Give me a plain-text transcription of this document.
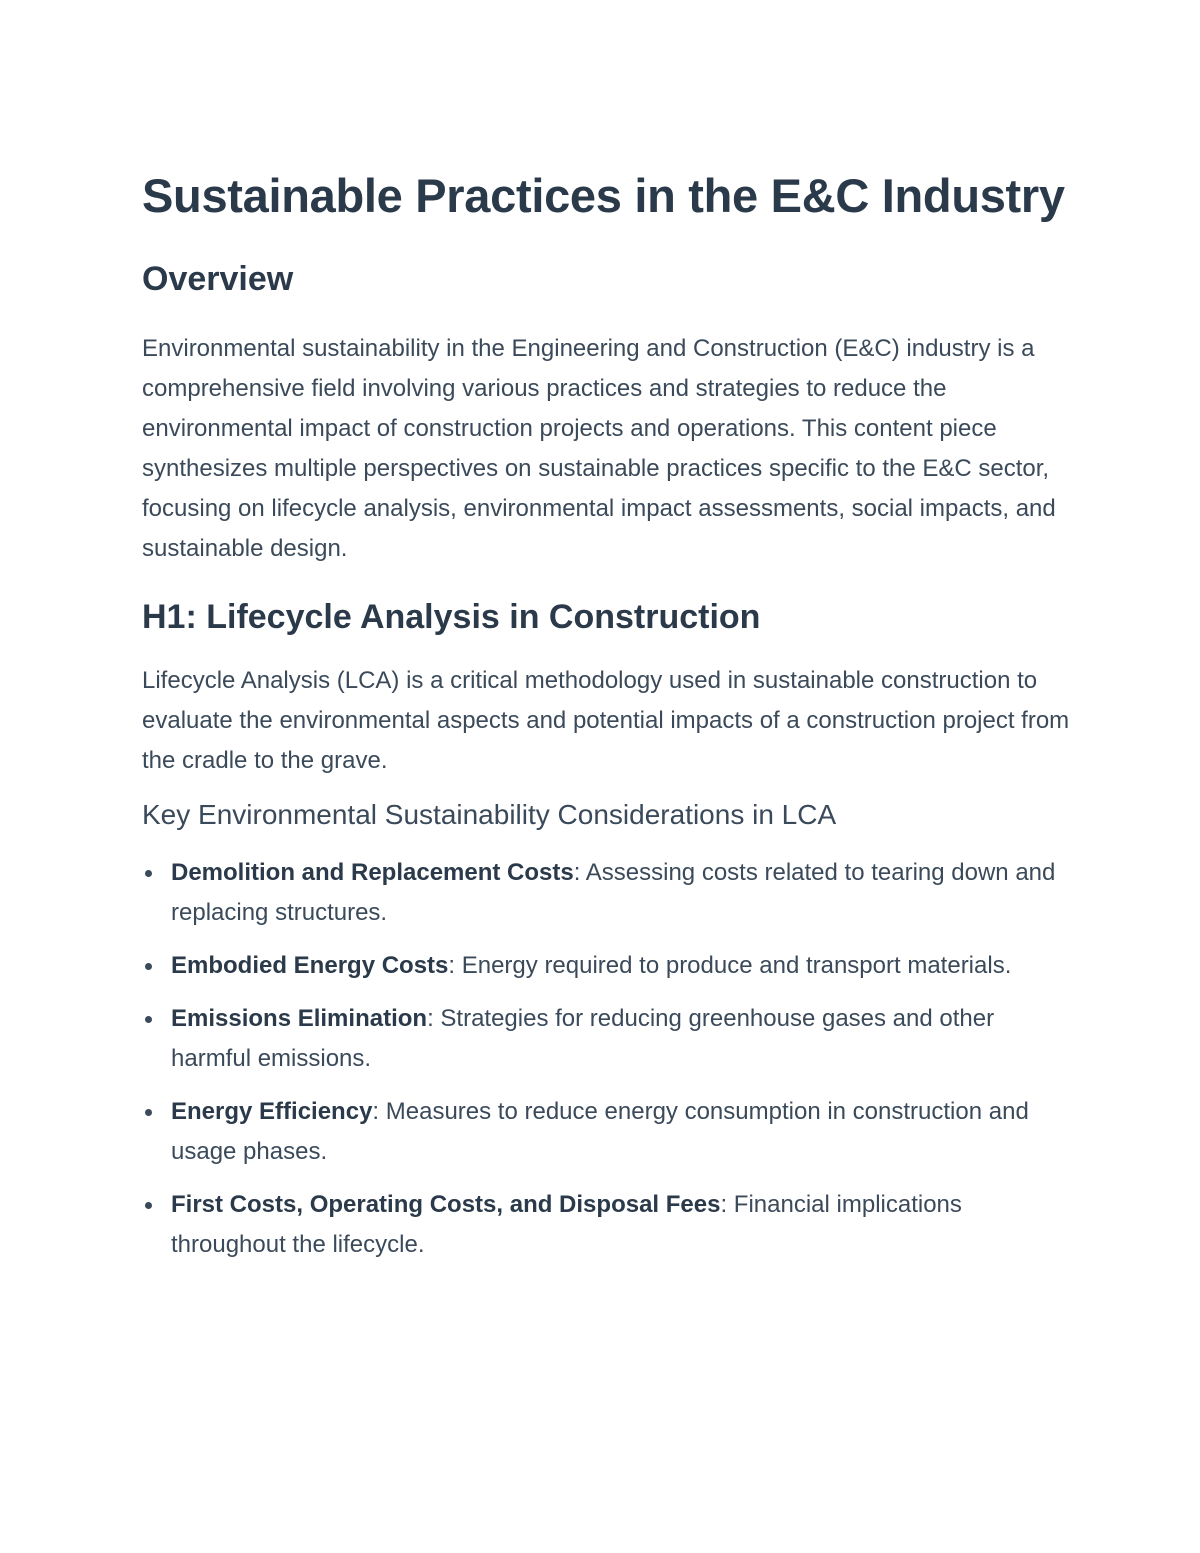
Sustainable Practices in the E&C Industry
Overview

Environmental sustainability in the Engineering and Construction (E&C) industry is a comprehensive field involving various practices and strategies to reduce the environmental impact of construction projects and operations. This content piece synthesizes multiple perspectives on sustainable practices specific to the E&C sector, focusing on lifecycle analysis, environmental impact assessments, social impacts, and sustainable design.

H1: Lifecycle Analysis in Construction

Lifecycle Analysis (LCA) is a critical methodology used in sustainable construction to evaluate the environmental aspects and potential impacts of a construction project from the cradle to the grave.

Key Environmental Sustainability Considerations in LCA
Demolition and Replacement Costs: Assessing costs related to tearing down and replacing structures.
Embodied Energy Costs: Energy required to produce and transport materials.
Emissions Elimination: Strategies for reducing greenhouse gases and other harmful emissions.
Energy Efficiency: Measures to reduce energy consumption in construction and usage phases.
First Costs, Operating Costs, and Disposal Fees: Financial implications throughout the lifecycle.
